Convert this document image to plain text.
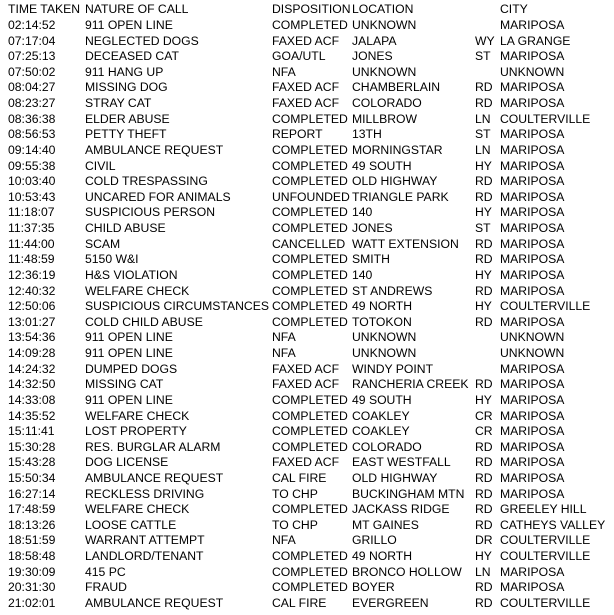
TIME TAKEN NATURE OF CALL	DISPOSITION LOCATION	CITY
02:14:52 911 OPEN LINE	COMPLETED UNKNOWN	MARIPOSA
07:17:04 NEGLECTED DOGS	FAXED ACF JALAPA	WY LA GRANGE
07:25:13 DECEASED CAT	GOA/UTL JONES	ST MARIPOSA
07:50:02 911 HANG UP	NFA	UNKNOWN	UNKNOWN
08:04:27 MISSING DOG	FAXED ACF CHAMBERLAIN	RD MARIPOSA
08:23:27 STRAY CAT	FAXED ACF COLORADO	RD MARIPOSA
08:36:38 ELDER ABUSE	COMPLETED MILLBROW	LN COULTERVILLE
08:56:53 PETTY THEFT	REPORT 13TH	ST MARIPOSA
09:14:40 AMBULANCE REQUEST	COMPLETED MORNINGSTAR	LN MARIPOSA
09:55:38 CIVIL	COMPLETED 49 SOUTH	HY MARIPOSA
10:03:40 COLD TRESPASSING	COMPLETED OLD HIGHWAY	RD MARIPOSA
10:53:43 UNCARED FOR ANIMALS	UNFOUNDED TRIANGLE PARK RD MARIPOSA
11:18:07 SUSPICIOUS PERSON	COMPLETED 140	HY MARIPOSA
11:37:35 CHILD ABUSE	COMPLETED JONES	ST MARIPOSA
11:44:00 SCAM	CANCELLED WATT EXTENSION RD MARIPOSA
11:48:59 5150 W&I	COMPLETED SMITH	RD MARIPOSA
12:36:19 H&S VIOLATION	COMPLETED 140	HY MARIPOSA
12:40:32 WELFARE CHECK	COMPLETED ST ANDREWS	RD MARIPOSA
12:50:06 SUSPICIOUS CIRCUMSTANCES COMPLETED 49 NORTH	HY COULTERVILLE
13:01:27 COLD CHILD ABUSE	COMPLETED TOTOKON	RD MARIPOSA
13:54:36 911 OPEN LINE	NFA	UNKNOWN	UNKNOWN
14:09:28 911 OPEN LINE	NFA	UNKNOWN	UNKNOWN
14:24:32 DUMPED DOGS	FAXED ACF WINDY POINT	MARIPOSA
14:32:50 MISSING CAT	FAXED ACF RANCHERIA CREEK RD MARIPOSA
14:33:08 911 OPEN LINE	COMPLETED 49 SOUTH	HY MARIPOSA
14:35:52 WELFARE CHECK	COMPLETED COAKLEY	CR MARIPOSA
15:11:41 LOST PROPERTY	COMPLETED COAKLEY	CR MARIPOSA
15:30:28 RES. BURGLAR ALARM	COMPLETED COLORADO	RD MARIPOSA
15:43:28 DOG LICENSE	FAXED ACF EAST WESTFALL RD MARIPOSA
15:50:34 AMBULANCE REQUEST	CAL FIRE OLD HIGHWAY	RD MARIPOSA
16:27:14 RECKLESS DRIVING	TO CHP	BUCKINGHAM MTN RD MARIPOSA
17:48:59 WELFARE CHECK	COMPLETED JACKASS RIDGE RD GREELEY HILL
18:13:26 LOOSE CATTLE	TO CHP	MT GAINES	RD CATHEYS VALLEY
18:51:59 WARRANT ATTEMPT	NFA	GRILLO	DR COULTERVILLE
18:58:48 LANDLORD/TENANT	COMPLETED 49 NORTH	HY COULTERVILLE
19:30:09 415 PC	COMPLETED BRONCO HOLLOW LN MARIPOSA
20:31:30 FRAUD	COMPLETED BOYER	RD MARIPOSA
21:02:01 AMBULANCE REQUEST	CAL FIRE EVERGREEN	RD COULTERVILLE
